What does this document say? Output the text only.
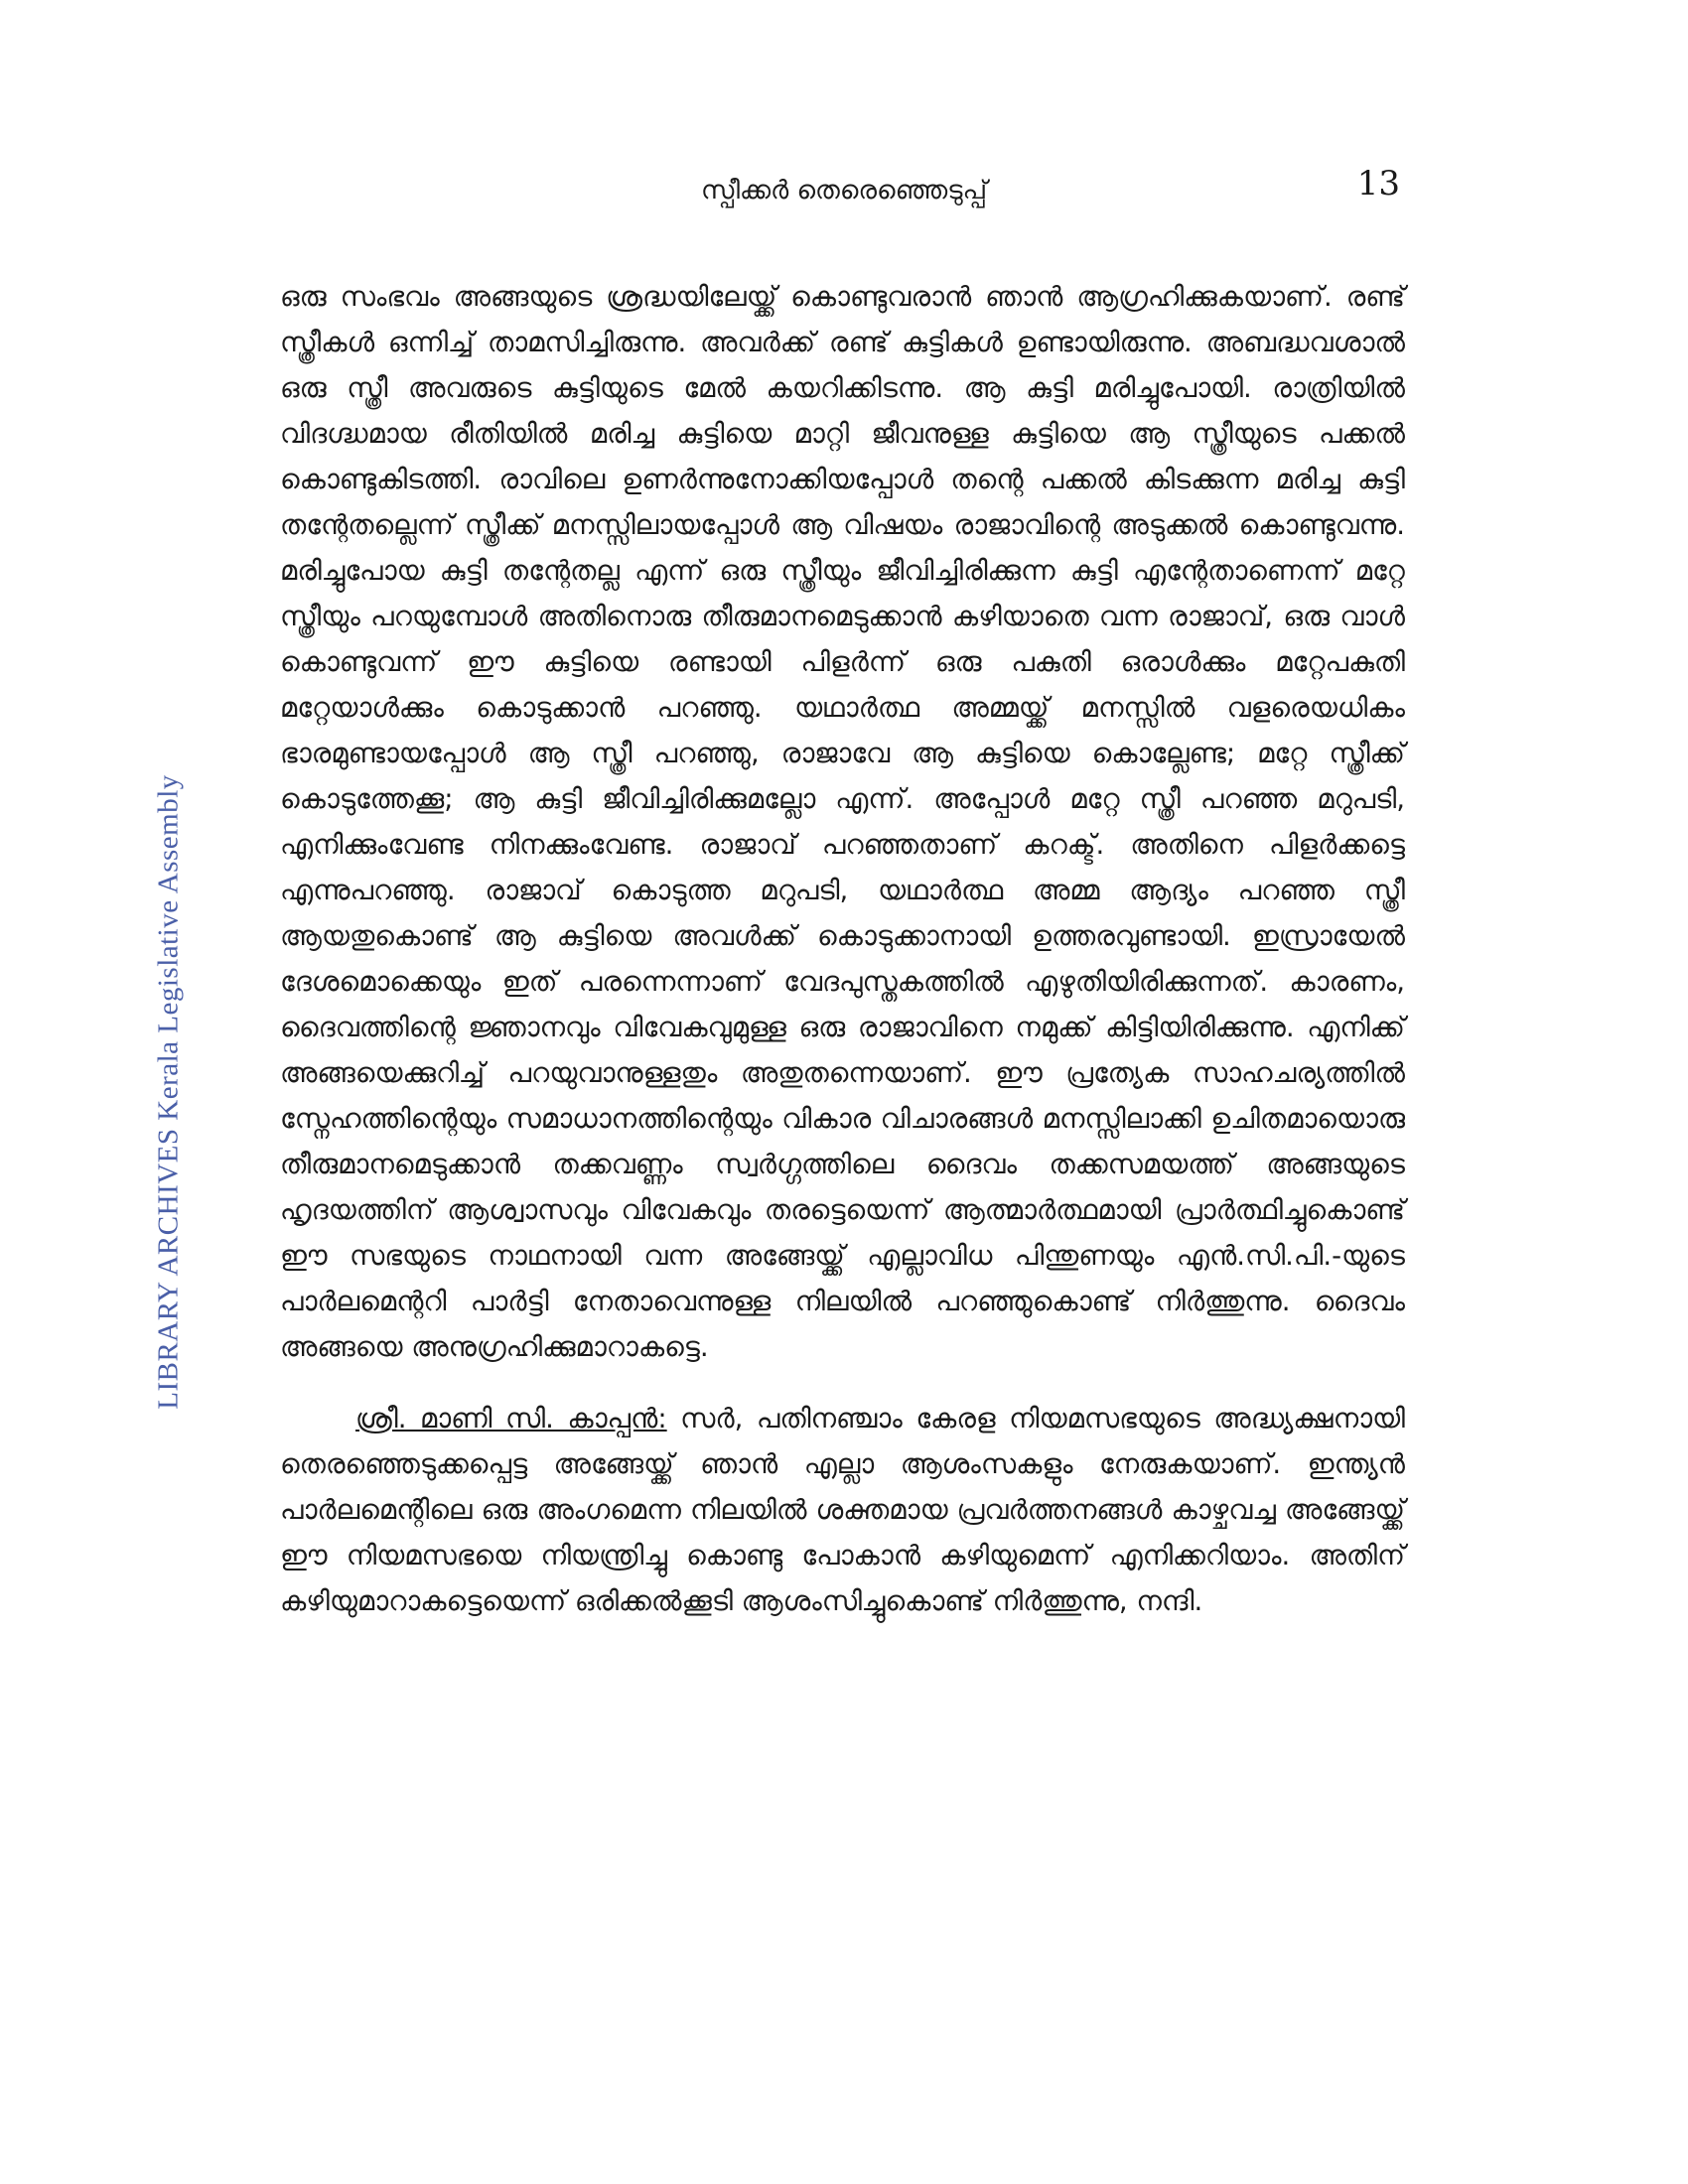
സ്പീക്കർ തെരെഞ്ഞെടുപ്പ്	13
LIBRARY ARCHIVES Kerala Legislative Assembly

ഒരു സംഭവം അങ്ങയുടെ ശ്രദ്ധയിലേയ്ക്ക് കൊണ്ടുവരാൻ ഞാൻ ആഗ്രഹിക്കുകയാണ്. രണ്ട് സ്ത്രീകൾ ഒന്നിച്ച് താമസിച്ചിരുന്നു. അവർക്ക് രണ്ട് കുട്ടികൾ ഉണ്ടായിരുന്നു. അബദ്ധവശാൽ ഒരു സ്ത്രീ അവരുടെ കുട്ടിയുടെ മേൽ കയറിക്കിടന്നു. ആ കുട്ടി മരിച്ചുപോയി. രാത്രിയിൽ വിദഗ്ദ്ധമായ രീതിയിൽ മരിച്ച കുട്ടിയെ മാറ്റി ജീവനുള്ള കുട്ടിയെ ആ സ്ത്രീയുടെ പക്കൽ കൊണ്ടുകിടത്തി. രാവിലെ ഉണർന്നുനോക്കിയപ്പോൾ തന്റെ പക്കൽ കിടക്കുന്ന മരിച്ച കുട്ടി തന്റേതല്ലെന്ന് സ്ത്രീക്ക് മനസ്സിലായപ്പോൾ ആ വിഷയം രാജാവിന്റെ അടുക്കൽ കൊണ്ടുവന്നു. മരിച്ചുപോയ കുട്ടി തന്റേതല്ല എന്ന് ഒരു സ്ത്രീയും ജീവിച്ചിരിക്കുന്ന കുട്ടി എന്റേതാണെന്ന് മറ്റേ സ്ത്രീയും പറയുമ്പോൾ അതിനൊരു തീരുമാനമെടുക്കാൻ കഴിയാതെ വന്ന രാജാവ്, ഒരു വാൾ കൊണ്ടുവന്ന് ഈ കുട്ടിയെ രണ്ടായി പിളർന്ന് ഒരു പകുതി ഒരാൾക്കും മറ്റേപകുതി മറ്റേയാൾക്കും കൊടുക്കാൻ പറഞ്ഞു. യഥാർത്ഥ അമ്മയ്ക്ക് മനസ്സിൽ വളരെയധികം ഭാരമുണ്ടായപ്പോൾ ആ സ്ത്രീ പറഞ്ഞു, രാജാവേ ആ കുട്ടിയെ കൊല്ലേണ്ട; മറ്റേ സ്ത്രീക്ക് കൊടുത്തേക്കൂ; ആ കുട്ടി ജീവിച്ചിരിക്കുമല്ലോ എന്ന്. അപ്പോൾ മറ്റേ സ്ത്രീ പറഞ്ഞ മറുപടി, എനിക്കുംവേണ്ട നിനക്കുംവേണ്ട. രാജാവ് പറഞ്ഞതാണ് കറക്ട്. അതിനെ പിളർക്കട്ടെ എന്നുപറഞ്ഞു. രാജാവ് കൊടുത്ത മറുപടി, യഥാർത്ഥ അമ്മ ആദ്യം പറഞ്ഞ സ്ത്രീ ആയതുകൊണ്ട് ആ കുട്ടിയെ അവൾക്ക് കൊടുക്കാനായി ഉത്തരവുണ്ടായി. ഇസ്രായേൽ ദേശമൊക്കെയും ഇത് പരന്നെന്നാണ് വേദപുസ്തകത്തിൽ എഴുതിയിരിക്കുന്നത്. കാരണം, ദൈവത്തിന്റെ ജ്ഞാനവും വിവേകവുമുള്ള ഒരു രാജാവിനെ നമുക്ക് കിട്ടിയിരിക്കുന്നു. എനിക്ക് അങ്ങയെക്കുറിച്ച് പറയുവാനുള്ളതും അതുതന്നെയാണ്. ഈ പ്രത്യേക സാഹചര്യത്തിൽ സ്നേഹത്തിന്റെയും സമാധാനത്തിന്റെയും വികാര വിചാരങ്ങൾ മനസ്സിലാക്കി ഉചിതമായൊരു തീരുമാനമെടുക്കാൻ തക്കവണ്ണം സ്വർഗ്ഗത്തിലെ ദൈവം തക്കസമയത്ത് അങ്ങയുടെ ഹൃദയത്തിന് ആശ്വാസവും വിവേകവും തരട്ടെയെന്ന് ആത്മാർത്ഥമായി പ്രാർത്ഥിച്ചുകൊണ്ട് ഈ സഭയുടെ നാഥനായി വന്ന അങ്ങേയ്ക്ക് എല്ലാവിധ പിന്തുണയും എൻ.സി.പി.-യുടെ പാർലമെന്ററി പാർട്ടി നേതാവെന്നുള്ള നിലയിൽ പറഞ്ഞുകൊണ്ട് നിർത്തുന്നു. ദൈവം അങ്ങയെ അനുഗ്രഹിക്കുമാറാകട്ടെ.

ശ്രീ. മാണി സി. കാപ്പൻ: സർ, പതിനഞ്ചാം കേരള നിയമസഭയുടെ അദ്ധ്യക്ഷനായി തെരഞ്ഞെടുക്കപ്പെട്ട അങ്ങേയ്ക്ക് ഞാൻ എല്ലാ ആശംസകളും നേരുകയാണ്. ഇന്ത്യൻ പാർലമെന്റിലെ ഒരു അംഗമെന്ന നിലയിൽ ശക്തമായ പ്രവർത്തനങ്ങൾ കാഴ്ചവച്ച അങ്ങേയ്ക്ക് ഈ നിയമസഭയെ നിയന്ത്രിച്ചു കൊണ്ടു പോകാൻ കഴിയുമെന്ന് എനിക്കറിയാം. അതിന് കഴിയുമാറാകട്ടെയെന്ന് ഒരിക്കൽക്കൂടി ആശംസിച്ചുകൊണ്ട് നിർത്തുന്നു, നന്ദി.
